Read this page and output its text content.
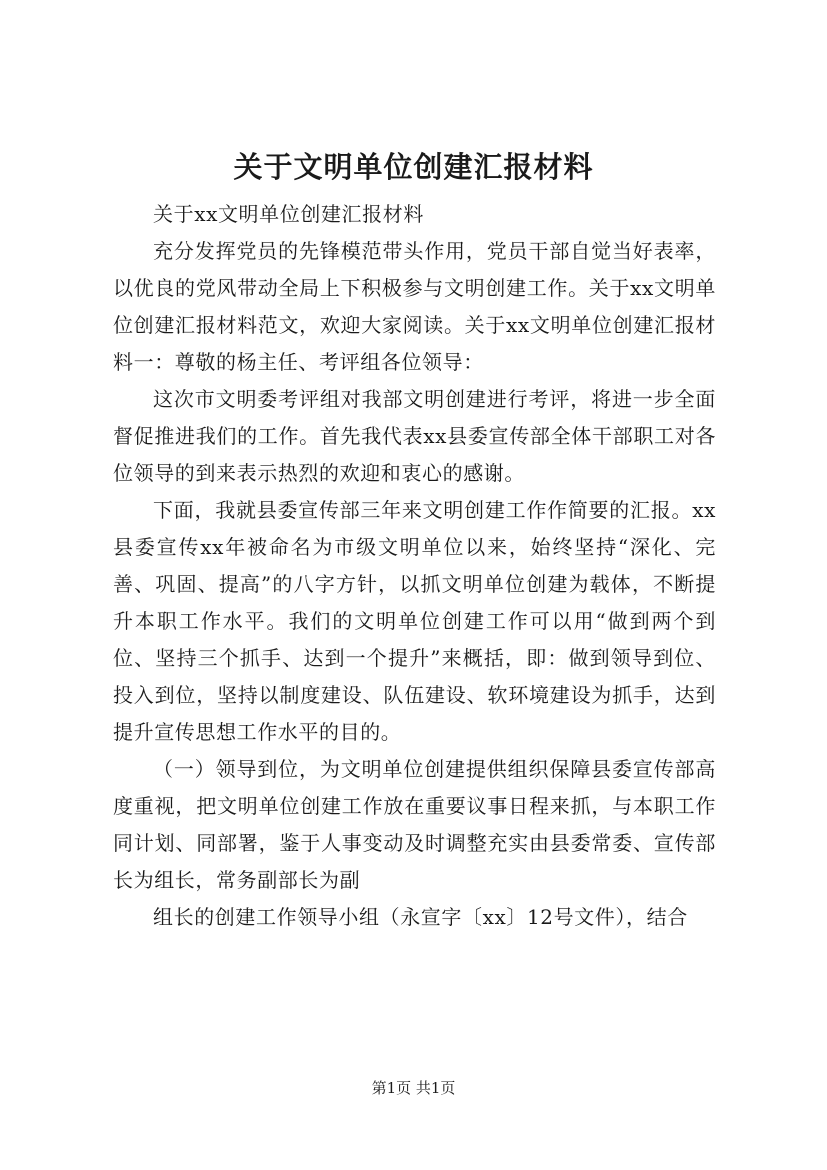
关于文明单位创建汇报材料

关于xx文明单位创建汇报材料

充分发挥党员的先锋模范带头作用，党员干部自觉当好表率，以优良的党风带动全局上下积极参与文明创建工作。关于xx文明单位创建汇报材料范文，欢迎大家阅读。关于xx文明单位创建汇报材料一：尊敬的杨主任、考评组各位领导：

这次市文明委考评组对我部文明创建进行考评，将进一步全面督促推进我们的工作。首先我代表xx县委宣传部全体干部职工对各位领导的到来表示热烈的欢迎和衷心的感谢。

下面，我就县委宣传部三年来文明创建工作作简要的汇报。xx县委宣传xx年被命名为市级文明单位以来，始终坚持“深化、完善、巩固、提高”的八字方针，以抓文明单位创建为载体，不断提升本职工作水平。我们的文明单位创建工作可以用“做到两个到位、坚持三个抓手、达到一个提升”来概括，即：做到领导到位、投入到位，坚持以制度建设、队伍建设、软环境建设为抓手，达到提升宣传思想工作水平的目的。

（一）领导到位，为文明单位创建提供组织保障县委宣传部高度重视，把文明单位创建工作放在重要议事日程来抓，与本职工作同计划、同部署，鉴于人事变动及时调整充实由县委常委、宣传部长为组长，常务副部长为副

组长的创建工作领导小组（永宣字〔xx〕12号文件），结合

第1页 共1页
